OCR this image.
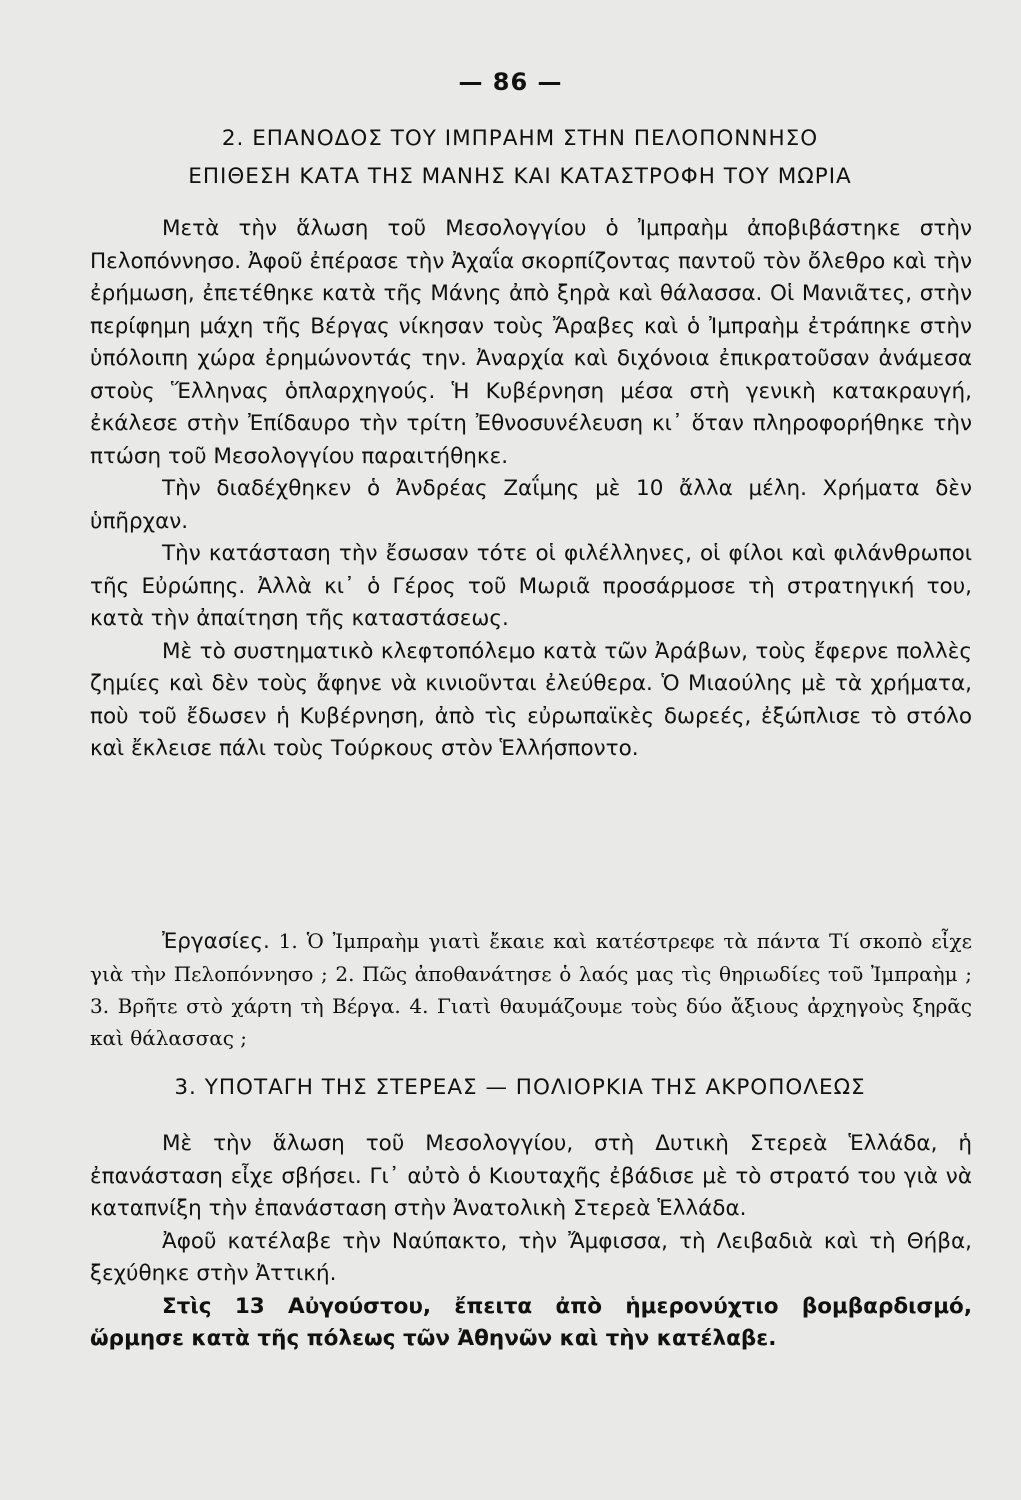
— 86 —
2. ΕΠΑΝΟΔΟΣ ΤΟΥ ΙΜΠΡΑΗΜ ΣΤΗΝ ΠΕΛΟΠΟΝΝΗΣΟ
ΕΠΙΘΕΣΗ ΚΑΤΑ ΤΗΣ ΜΑΝΗΣ ΚΑΙ ΚΑΤΑΣΤΡΟΦΗ ΤΟΥ ΜΩΡΙΑ

Μετὰ τὴν ἅλωση τοῦ Μεσολογγίου ὁ Ἰμπραὴμ ἀποβιβάστηκε στὴν Πελοπόννησο. Ἀφοῦ ἐπέρασε τὴν Ἀχαΐα σκορπίζοντας παντοῦ τὸν ὄλεθρο καὶ τὴν ἐρήμωση, ἐπετέθηκε κατὰ τῆς Μάνης ἀπὸ ξηρὰ καὶ θάλασσα. Οἱ Μανιᾶτες, στὴν περίφημη μάχη τῆς Βέργας νίκησαν τοὺς Ἄραβες καὶ ὁ Ἰμπραὴμ ἐτράπηκε στὴν ὑπόλοιπη χώρα ἐρημώνοντάς την. Ἀναρχία καὶ διχόνοια ἐπικρατοῦσαν ἀνάμεσα στοὺς Ἕλληνας ὁπλαρχηγούς. Ἡ Κυβέρνηση μέσα στὴ γενικὴ κατακραυγή, ἐκάλεσε στὴν Ἐπίδαυρο τὴν τρίτη Ἐθνοσυνέλευση κι᾽ ὅταν πληροφορήθηκε τὴν πτώση τοῦ Μεσολογγίου παραιτήθηκε.

Τὴν διαδέχθηκεν ὁ Ἀνδρέας Ζαΐμης μὲ 10 ἄλλα μέλη. Χρήματα δὲν ὑπῆρχαν.

Τὴν κατάσταση τὴν ἔσωσαν τότε οἱ φιλέλληνες, οἱ φίλοι καὶ φιλάνθρωποι τῆς Εὐρώπης. Ἀλλὰ κι᾽ ὁ Γέρος τοῦ Μωριᾶ προσάρμοσε τὴ στρατηγική του, κατὰ τὴν ἀπαίτηση τῆς καταστάσεως.

Μὲ τὸ συστηματικὸ κλεφτοπόλεμο κατὰ τῶν Ἀράβων, τοὺς ἔφερνε πολλὲς ζημίες καὶ δὲν τοὺς ἄφηνε νὰ κινιοῦνται ἐλεύθερα. Ὁ Μιαούλης μὲ τὰ χρήματα, ποὺ τοῦ ἔδωσεν ἡ Κυβέρνηση, ἀπὸ τὶς εὐρωπαϊκὲς δωρεές, ἐξώπλισε τὸ στόλο καὶ ἔκλεισε πάλι τοὺς Τούρκους στὸν Ἑλλήσποντο.

Ἐργασίες. 1. Ὁ Ἰμπραὴμ γιατὶ ἔκαιε καὶ κατέστρεφε τὰ πάντα Τί σκοπὸ εἶχε γιὰ τὴν Πελοπόννησο ; 2. Πῶς ἀποθανάτησε ὁ λαός μας τὶς θηριωδίες τοῦ Ἰμπραὴμ ; 3. Βρῆτε στὸ χάρτη τὴ Βέργα. 4. Γιατὶ θαυμάζουμε τοὺς δύο ἄξιους ἀρχηγοὺς ξηρᾶς καὶ θάλασσας ;

3. ΥΠΟΤΑΓΗ ΤΗΣ ΣΤΕΡΕΑΣ — ΠΟΛΙΟΡΚΙΑ ΤΗΣ ΑΚΡΟΠΟΛΕΩΣ

Μὲ τὴν ἅλωση τοῦ Μεσολογγίου, στὴ Δυτικὴ Στερεὰ Ἑλλάδα, ἡ ἐπανάσταση εἶχε σβήσει. Γι᾽ αὐτὸ ὁ Κιουταχῆς ἐβάδισε μὲ τὸ στρατό του γιὰ νὰ καταπνίξη τὴν ἐπανάσταση στὴν Ἀνατολικὴ Στερεὰ Ἑλλάδα.

Ἀφοῦ κατέλαβε τὴν Ναύπακτο, τὴν Ἄμφισσα, τὴ Λειβαδιὰ καὶ τὴ Θήβα, ξεχύθηκε στὴν Ἀττική.

Στὶς 13 Αὐγούστου, ἔπειτα ἀπὸ ἡμερονύχτιο βομβαρδισμό, ὥρμησε κατὰ τῆς πόλεως τῶν Ἀθηνῶν καὶ τὴν κατέλαβε.
